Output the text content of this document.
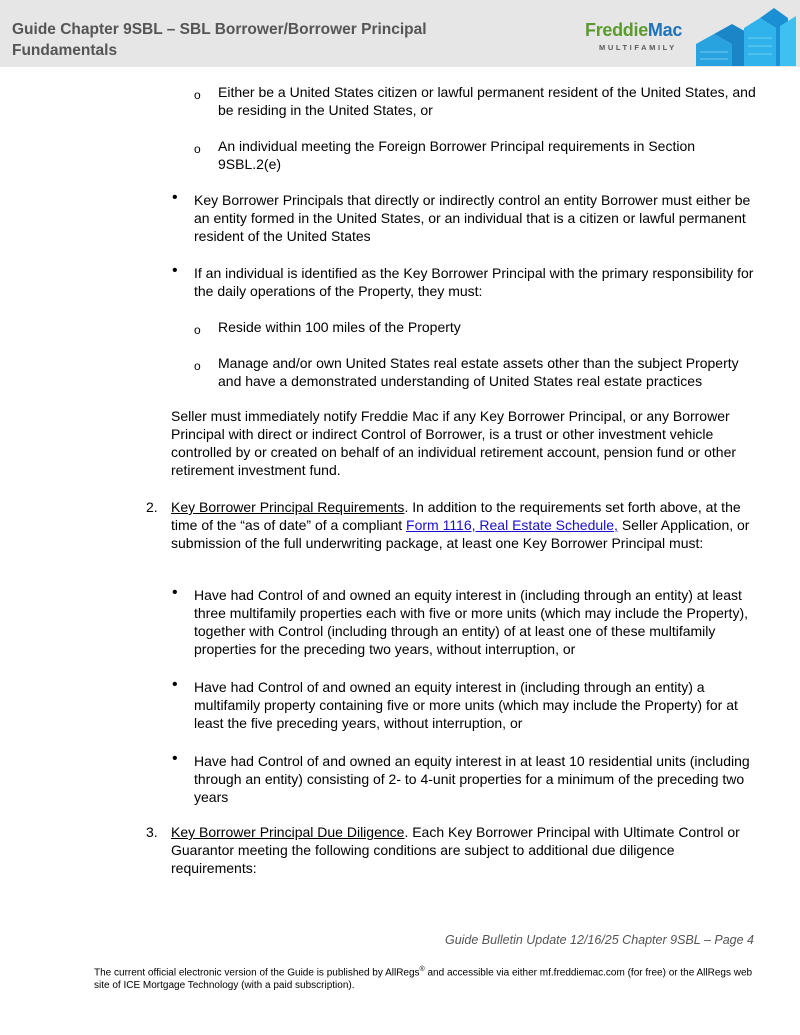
Guide Chapter 9SBL – SBL Borrower/Borrower Principal Fundamentals
FreddieMac
MULTIFAMILY
o Either be a United States citizen or lawful permanent resident of the United States, and be residing in the United States, or
o An individual meeting the Foreign Borrower Principal requirements in Section 9SBL.2(e)
• Key Borrower Principals that directly or indirectly control an entity Borrower must either be an entity formed in the United States, or an individual that is a citizen or lawful permanent resident of the United States
• If an individual is identified as the Key Borrower Principal with the primary responsibility for the daily operations of the Property, they must:
o Reside within 100 miles of the Property
o Manage and/or own United States real estate assets other than the subject Property and have a demonstrated understanding of United States real estate practices
Seller must immediately notify Freddie Mac if any Key Borrower Principal, or any Borrower Principal with direct or indirect Control of Borrower, is a trust or other investment vehicle controlled by or created on behalf of an individual retirement account, pension fund or other retirement investment fund.
2. Key Borrower Principal Requirements. In addition to the requirements set forth above, at the time of the “as of date” of a compliant Form 1116, Real Estate Schedule, Seller Application, or submission of the full underwriting package, at least one Key Borrower Principal must:
• Have had Control of and owned an equity interest in (including through an entity) at least three multifamily properties each with five or more units (which may include the Property), together with Control (including through an entity) of at least one of these multifamily properties for the preceding two years, without interruption, or
• Have had Control of and owned an equity interest in (including through an entity) a multifamily property containing five or more units (which may include the Property) for at least the five preceding years, without interruption, or
• Have had Control of and owned an equity interest in at least 10 residential units (including through an entity) consisting of 2- to 4-unit properties for a minimum of the preceding two years
3. Key Borrower Principal Due Diligence. Each Key Borrower Principal with Ultimate Control or Guarantor meeting the following conditions are subject to additional due diligence requirements:
Guide Bulletin Update 12/16/25 Chapter 9SBL – Page 4
The current official electronic version of the Guide is published by AllRegs® and accessible via either mf.freddiemac.com (for free) or the AllRegs web site of ICE Mortgage Technology (with a paid subscription).
